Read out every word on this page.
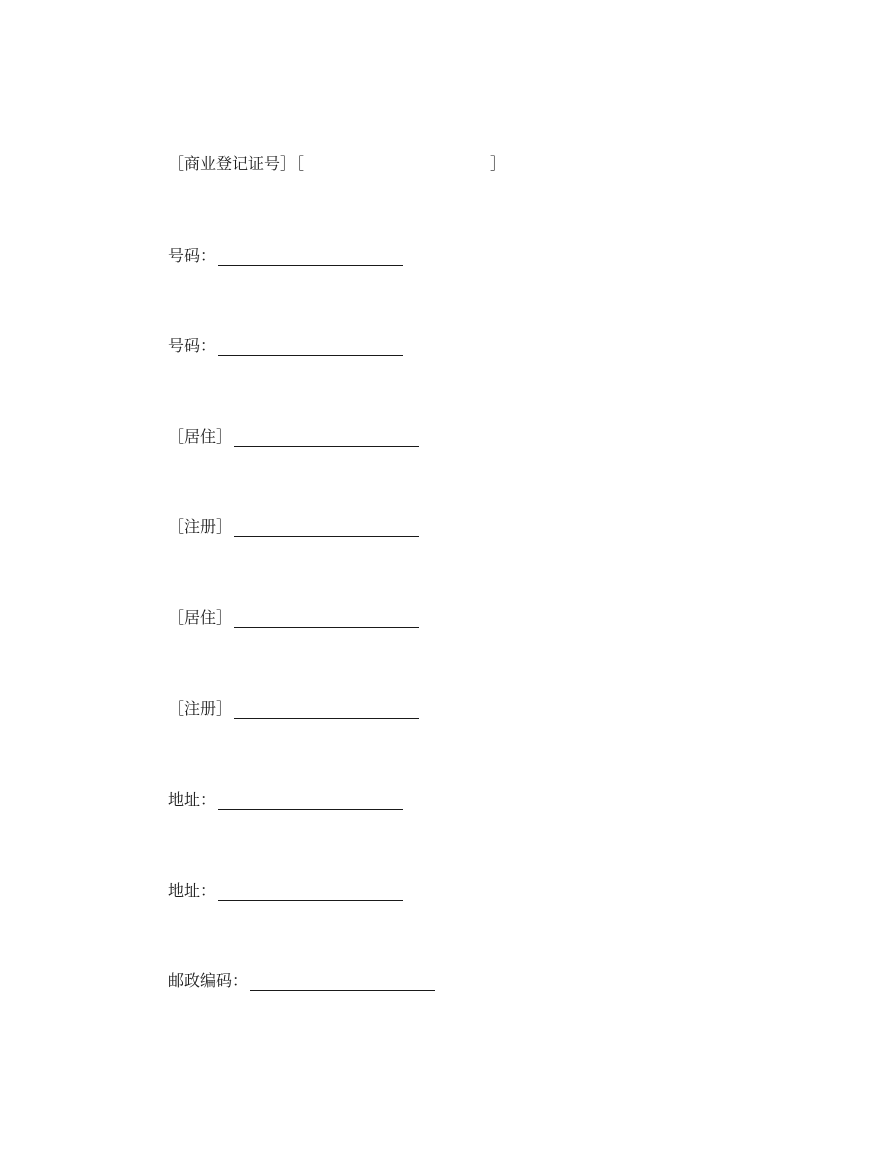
［商业登记证号］［	］
号码：
号码：
［居住］
［注册］
［居住］
［注册］
地址：
地址：
邮政编码：
